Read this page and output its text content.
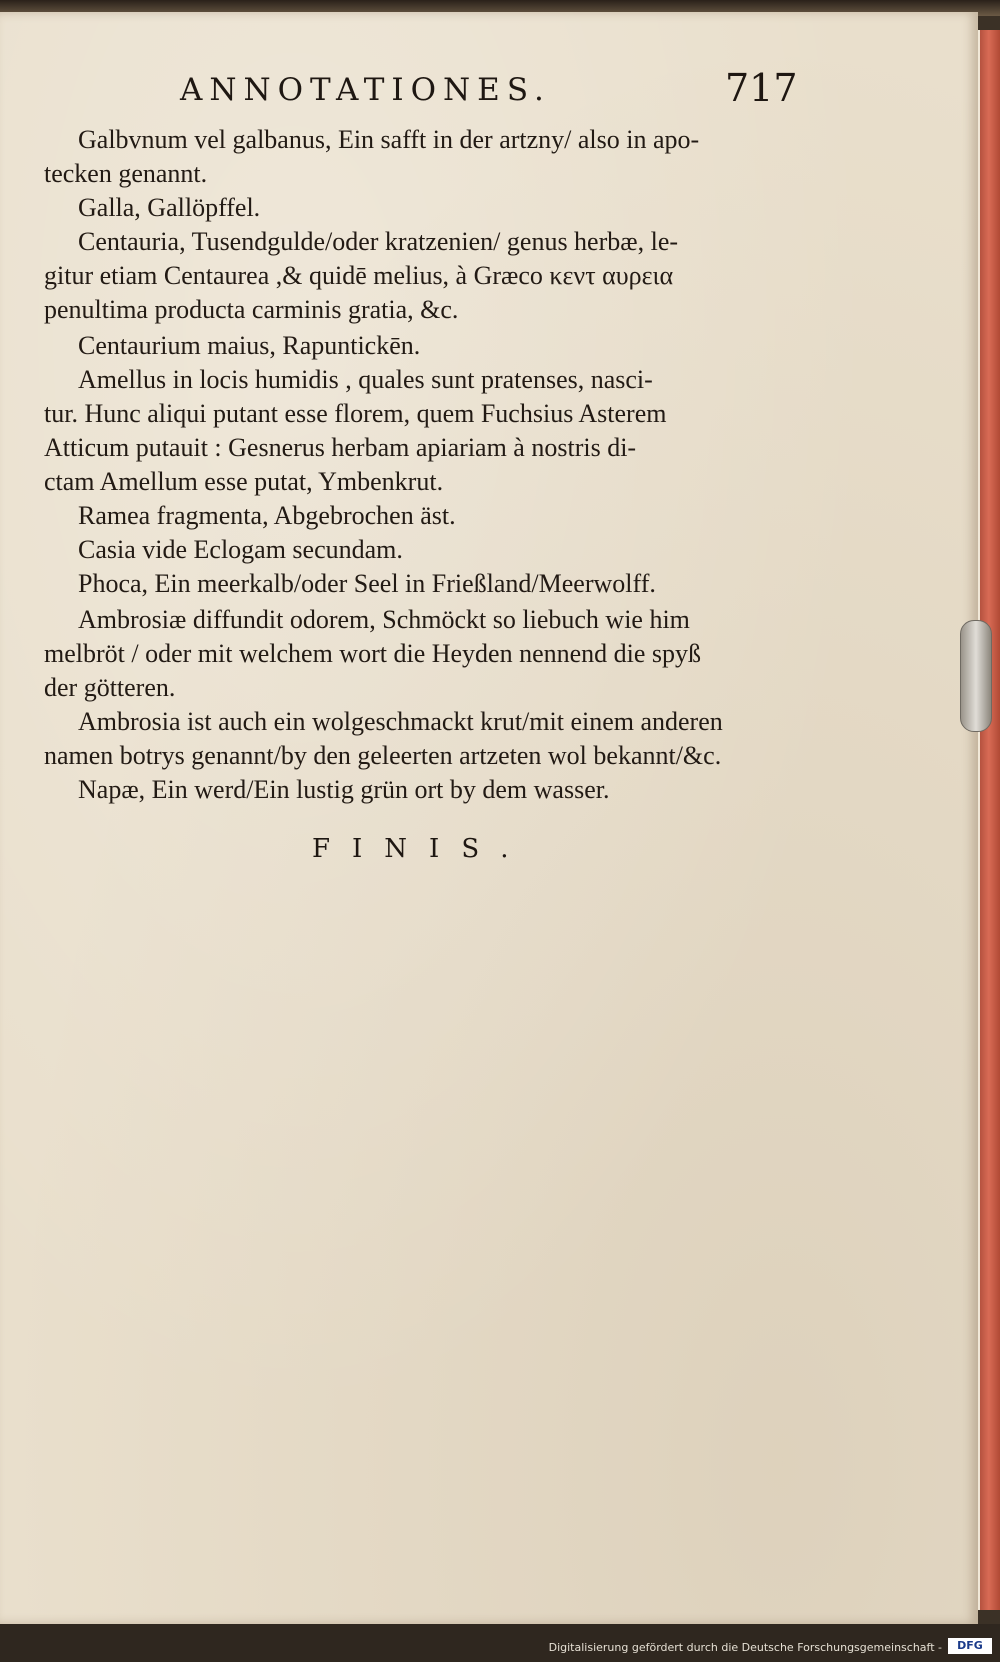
ANNOTATIONES.	717
Galbvnum vel galbanus, Ein safft in der artzny/ also in apo-
tecken genannt.
Galla, Gallöpffel.
Centauria, Tusendgulde/oder kratzenien/ genus herbæ, le-
gitur etiam Centaurea ,& quidē melius, à Græco κεντ αυρεια
penultima producta carminis gratia, &c.
Centaurium maius, Rapuntickēn.
Amellus in locis humidis , quales sunt pratenses, nasci-
tur. Hunc aliqui putant esse florem, quem Fuchsius Asterem
Atticum putauit : Gesnerus herbam apiariam à nostris di-
ctam Amellum esse putat, Ymbenkrut.
Ramea fragmenta, Abgebrochen äst.
Casia vide Eclogam secundam.
Phoca, Ein meerkalb/oder Seel in Frießland/Meerwolff.
Ambrosiæ diffundit odorem, Schmöckt so liebuch wie him
melbröt / oder mit welchem wort die Heyden nennend die spyß
der götteren.
Ambrosia ist auch ein wolgeschmackt krut/mit einem anderen
namen botrys genannt/by den geleerten artzeten wol bekannt/&c.
Napæ, Ein werd/Ein lustig grün ort by dem wasser.
FINIS.
Digitalisierung gefördert durch die Deutsche Forschungsgemeinschaft -	DFG
